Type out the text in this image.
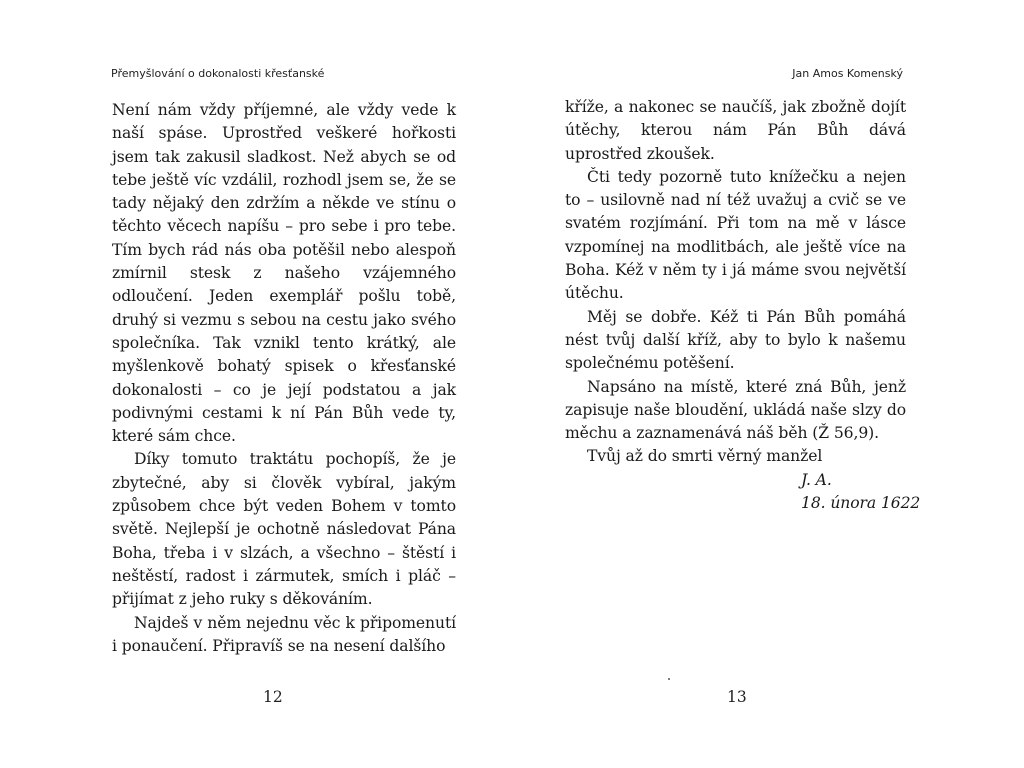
Přemyšlování o dokonalosti křesťanské	Jan Amos Komenský

Není nám vždy příjemné, ale vždy vede k naší spáse. Uprostřed veškeré hořkosti jsem tak zakusil sladkost. Než abych se od tebe ještě víc vzdálil, rozhodl jsem se, že se tady nějaký den zdržím a někde ve stínu o těchto věcech napíšu – pro sebe i pro tebe. Tím bych rád nás oba potěšil nebo alespoň zmírnil stesk z našeho vzájemného odloučení. Jeden exemplář pošlu tobě, druhý si vezmu s sebou na cestu jako svého společníka. Tak vznikl tento krátký, ale myšlenkově bohatý spisek o křesťanské dokonalosti – co je její podstatou a jak podivnými cestami k ní Pán Bůh vede ty, které sám chce.

Díky tomuto traktátu pochopíš, že je zbytečné, aby si člověk vybíral, jakým způsobem chce být veden Bohem v tomto světě. Nejlepší je ochotně následovat Pána Boha, třeba i v slzách, a všechno – štěstí i neštěstí, radost i zármutek, smích i pláč – přijímat z jeho ruky s děkováním.

Najdeš v něm nejednu věc k připomenutí i ponaučení. Připravíš se na nesení dalšího

kříže, a nakonec se naučíš, jak zbožně dojít útěchy, kterou nám Pán Bůh dává uprostřed zkoušek.

Čti tedy pozorně tuto knížečku a nejen to – usilovně nad ní též uvažuj a cvič se ve svatém rozjímání. Při tom na mě v lásce vzpomínej na modlitbách, ale ještě více na Boha. Kéž v něm ty i já máme svou největší útěchu.

Měj se dobře. Kéž ti Pán Bůh pomáhá nést tvůj další kříž, aby to bylo k našemu společnému potěšení.

Napsáno na místě, které zná Bůh, jenž zapisuje naše bloudění, ukládá naše slzy do měchu a zaznamenává náš běh (Ž 56,9).

Tvůj až do smrti věrný manžel

J. A.
18. února 1622
12	13
